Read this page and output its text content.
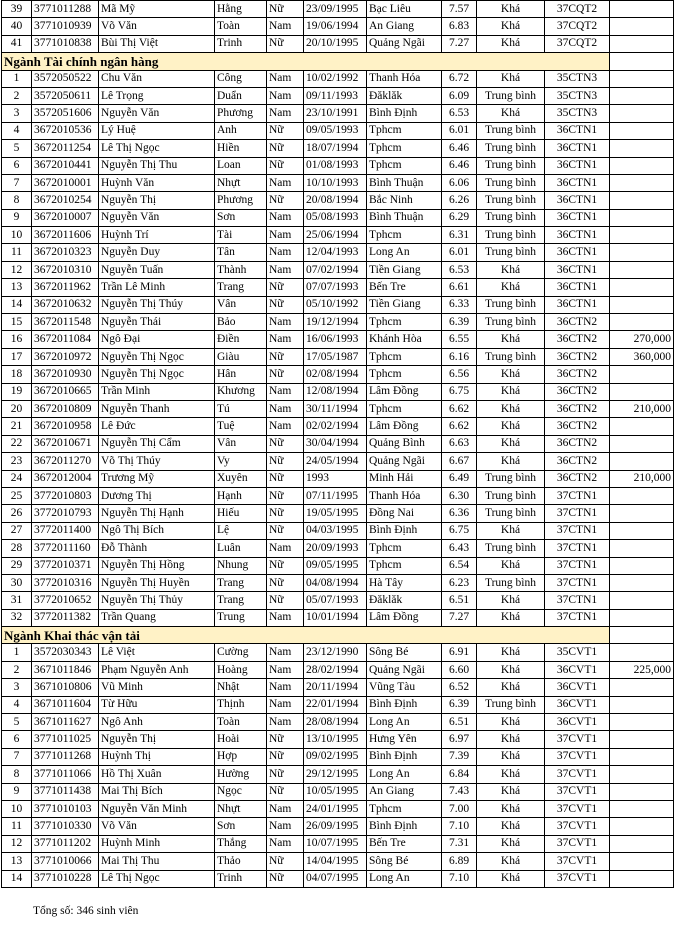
39	3771011288	Mã Mỹ	Hằng	Nữ	23/09/1995	Bạc Liêu	7.57	Khá	37CQT2	
40	3771010939	Võ Văn	Toàn	Nam	19/06/1994	An Giang	6.83	Khá	37CQT2	
41	3771010838	Bùi Thị Việt	Trinh	Nữ	20/10/1995	Quảng Ngãi	7.27	Khá	37CQT2	
Ngành Tài chính ngân hàng										
1	3572050522	Chu Văn	Công	Nam	10/02/1992	Thanh Hóa	6.72	Khá	35CTN3	
2	3572050611	Lê Trọng	Duẩn	Nam	09/11/1993	Đăklăk	6.09	Trung bình	35CTN3	
3	3572051606	Nguyễn Văn	Phương	Nam	23/10/1991	Bình Định	6.53	Khá	35CTN3	
4	3672010536	Lý Huệ	Anh	Nữ	09/05/1993	Tphcm	6.01	Trung bình	36CTN1	
5	3672011254	Lê Thị Ngọc	Hiền	Nữ	18/07/1994	Tphcm	6.46	Trung bình	36CTN1	
6	3672010441	Nguyễn Thị Thu	Loan	Nữ	01/08/1993	Tphcm	6.46	Trung bình	36CTN1	
7	3672010001	Huỳnh Văn	Nhựt	Nam	10/10/1993	Bình Thuận	6.06	Trung bình	36CTN1	
8	3672010254	Nguyễn Thị	Phương	Nữ	20/08/1994	Bắc Ninh	6.26	Trung bình	36CTN1	
9	3672010007	Nguyễn Văn	Sơn	Nam	05/08/1993	Bình Thuận	6.29	Trung bình	36CTN1	
10	3672011606	Huỳnh Trí	Tài	Nam	25/06/1994	Tphcm	6.31	Trung bình	36CTN1	
11	3672010323	Nguyễn Duy	Tân	Nam	12/04/1993	Long An	6.01	Trung bình	36CTN1	
12	3672010310	Nguyễn Tuấn	Thành	Nam	07/02/1994	Tiền Giang	6.53	Khá	36CTN1	
13	3672011962	Trần Lê Minh	Trang	Nữ	07/07/1993	Bến Tre	6.61	Khá	36CTN1	
14	3672010632	Nguyễn Thị Thúy	Vân	Nữ	05/10/1992	Tiền Giang	6.33	Trung bình	36CTN1	
15	3672011548	Nguyễn Thái	Bảo	Nam	19/12/1994	Tphcm	6.39	Trung bình	36CTN2	
16	3672011084	Ngô Đại	Điền	Nam	16/06/1993	Khánh Hòa	6.55	Khá	36CTN2	270,000
17	3672010972	Nguyễn Thị Ngọc	Giàu	Nữ	17/05/1987	Tphcm	6.16	Trung bình	36CTN2	360,000
18	3672010930	Nguyễn Thị Ngọc	Hân	Nữ	02/08/1994	Tphcm	6.56	Khá	36CTN2	
19	3672010665	Trần Minh	Khương	Nam	12/08/1994	Lâm Đồng	6.75	Khá	36CTN2	
20	3672010809	Nguyễn Thanh	Tú	Nam	30/11/1994	Tphcm	6.62	Khá	36CTN2	210,000
21	3672010958	Lê Đức	Tuệ	Nam	02/02/1994	Lâm Đồng	6.62	Khá	36CTN2	
22	3672010671	Nguyễn Thị Cẩm	Vân	Nữ	30/04/1994	Quảng Bình	6.63	Khá	36CTN2	
23	3672011270	Võ Thị Thúy	Vy	Nữ	24/05/1994	Quảng Ngãi	6.67	Khá	36CTN2	
24	3672012004	Trương Mỹ	Xuyên	Nữ	1993	Minh Hải	6.49	Trung bình	36CTN2	210,000
25	3772010803	Dương Thị	Hạnh	Nữ	07/11/1995	Thanh Hóa	6.30	Trung bình	37CTN1	
26	3772010793	Nguyễn Thị Hạnh	Hiếu	Nữ	19/05/1995	Đồng Nai	6.36	Trung bình	37CTN1	
27	3772011400	Ngô Thị Bích	Lệ	Nữ	04/03/1995	Bình Định	6.75	Khá	37CTN1	
28	3772011160	Đỗ Thành	Luân	Nam	20/09/1993	Tphcm	6.43	Trung bình	37CTN1	
29	3772010371	Nguyễn Thị Hồng	Nhung	Nữ	09/05/1995	Tphcm	6.54	Khá	37CTN1	
30	3772010316	Nguyễn Thị Huyền	Trang	Nữ	04/08/1994	Hà Tây	6.23	Trung bình	37CTN1	
31	3772010652	Nguyễn Thị Thủy	Trang	Nữ	05/07/1993	Đăklăk	6.51	Khá	37CTN1	
32	3772011382	Trần Quang	Trung	Nam	10/01/1994	Lâm Đồng	7.27	Khá	37CTN1	
Ngành Khai thác vận tải										
1	3572030343	Lê Việt	Cường	Nam	23/12/1990	Sông Bé	6.91	Khá	35CVT1	
2	3671011846	Phạm Nguyễn Anh	Hoàng	Nam	28/02/1994	Quảng Ngãi	6.60	Khá	36CVT1	225,000
3	3671010806	Vũ Minh	Nhật	Nam	20/11/1994	Vũng Tàu	6.52	Khá	36CVT1	
4	3671011604	Từ Hữu	Thịnh	Nam	22/01/1994	Bình Định	6.39	Trung bình	36CVT1	
5	3671011627	Ngô Anh	Toàn	Nam	28/08/1994	Long An	6.51	Khá	36CVT1	
6	3771011025	Nguyễn Thị	Hoài	Nữ	13/10/1995	Hưng Yên	6.97	Khá	37CVT1	
7	3771011268	Huỳnh Thị	Hợp	Nữ	09/02/1995	Bình Định	7.39	Khá	37CVT1	
8	3771011066	Hồ Thị Xuân	Hường	Nữ	29/12/1995	Long An	6.84	Khá	37CVT1	
9	3771011438	Mai Thị Bích	Ngọc	Nữ	10/05/1995	An Giang	7.43	Khá	37CVT1	
10	3771010103	Nguyễn Văn Minh	Nhựt	Nam	24/01/1995	Tphcm	7.00	Khá	37CVT1	
11	3771010330	Võ Văn	Sơn	Nam	26/09/1995	Bình Định	7.10	Khá	37CVT1	
12	3771011202	Huỳnh Minh	Thắng	Nam	10/07/1995	Bến Tre	7.31	Khá	37CVT1	
13	3771010066	Mai Thị Thu	Thảo	Nữ	14/04/1995	Sông Bé	6.89	Khá	37CVT1	
14	3771010228	Lê Thị Ngọc	Trinh	Nữ	04/07/1995	Long An	7.10	Khá	37CVT1	
Tổng số: 346 sinh viên
